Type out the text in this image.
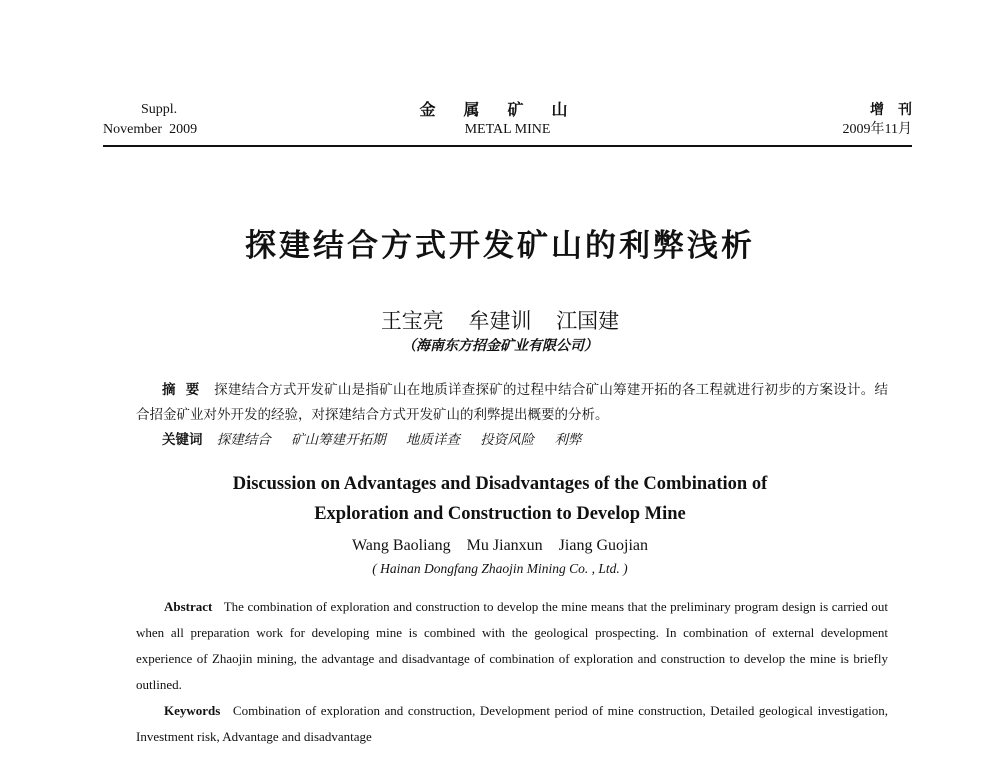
Suppl.
November  2009
金属矿山
METAL MINE
增刊
2009年11月
探建结合方式开发矿山的利弊浅析
王宝亮 牟建训 江国建
（海南东方招金矿业有限公司）
摘要 探建结合方式开发矿山是指矿山在地质详查探矿的过程中结合矿山筹建开拓的各工程就进行初步的方案设计。结合招金矿业对外开发的经验，对探建结合方式开发矿山的利弊提出概要的分析。
关键词 探建结合 矿山筹建开拓期 地质详查 投资风险 利弊
Discussion on Advantages and Disadvantages of the Combination of
Exploration and Construction to Develop Mine
Wang Baoliang Mu Jianxun Jiang Guojian
( Hainan Dongfang Zhaojin Mining Co. , Ltd. )
Abstract The combination of exploration and construction to develop the mine means that the preliminary program design is carried out when all preparation work for developing mine is combined with the geological prospecting. In combination of external development experience of Zhaojin mining, the advantage and disadvantage of combination of exploration and construction to develop the mine is briefly outlined.
Keywords Combination of exploration and construction, Development period of mine construction, Detailed geological investigation, Investment risk, Advantage and disadvantage
